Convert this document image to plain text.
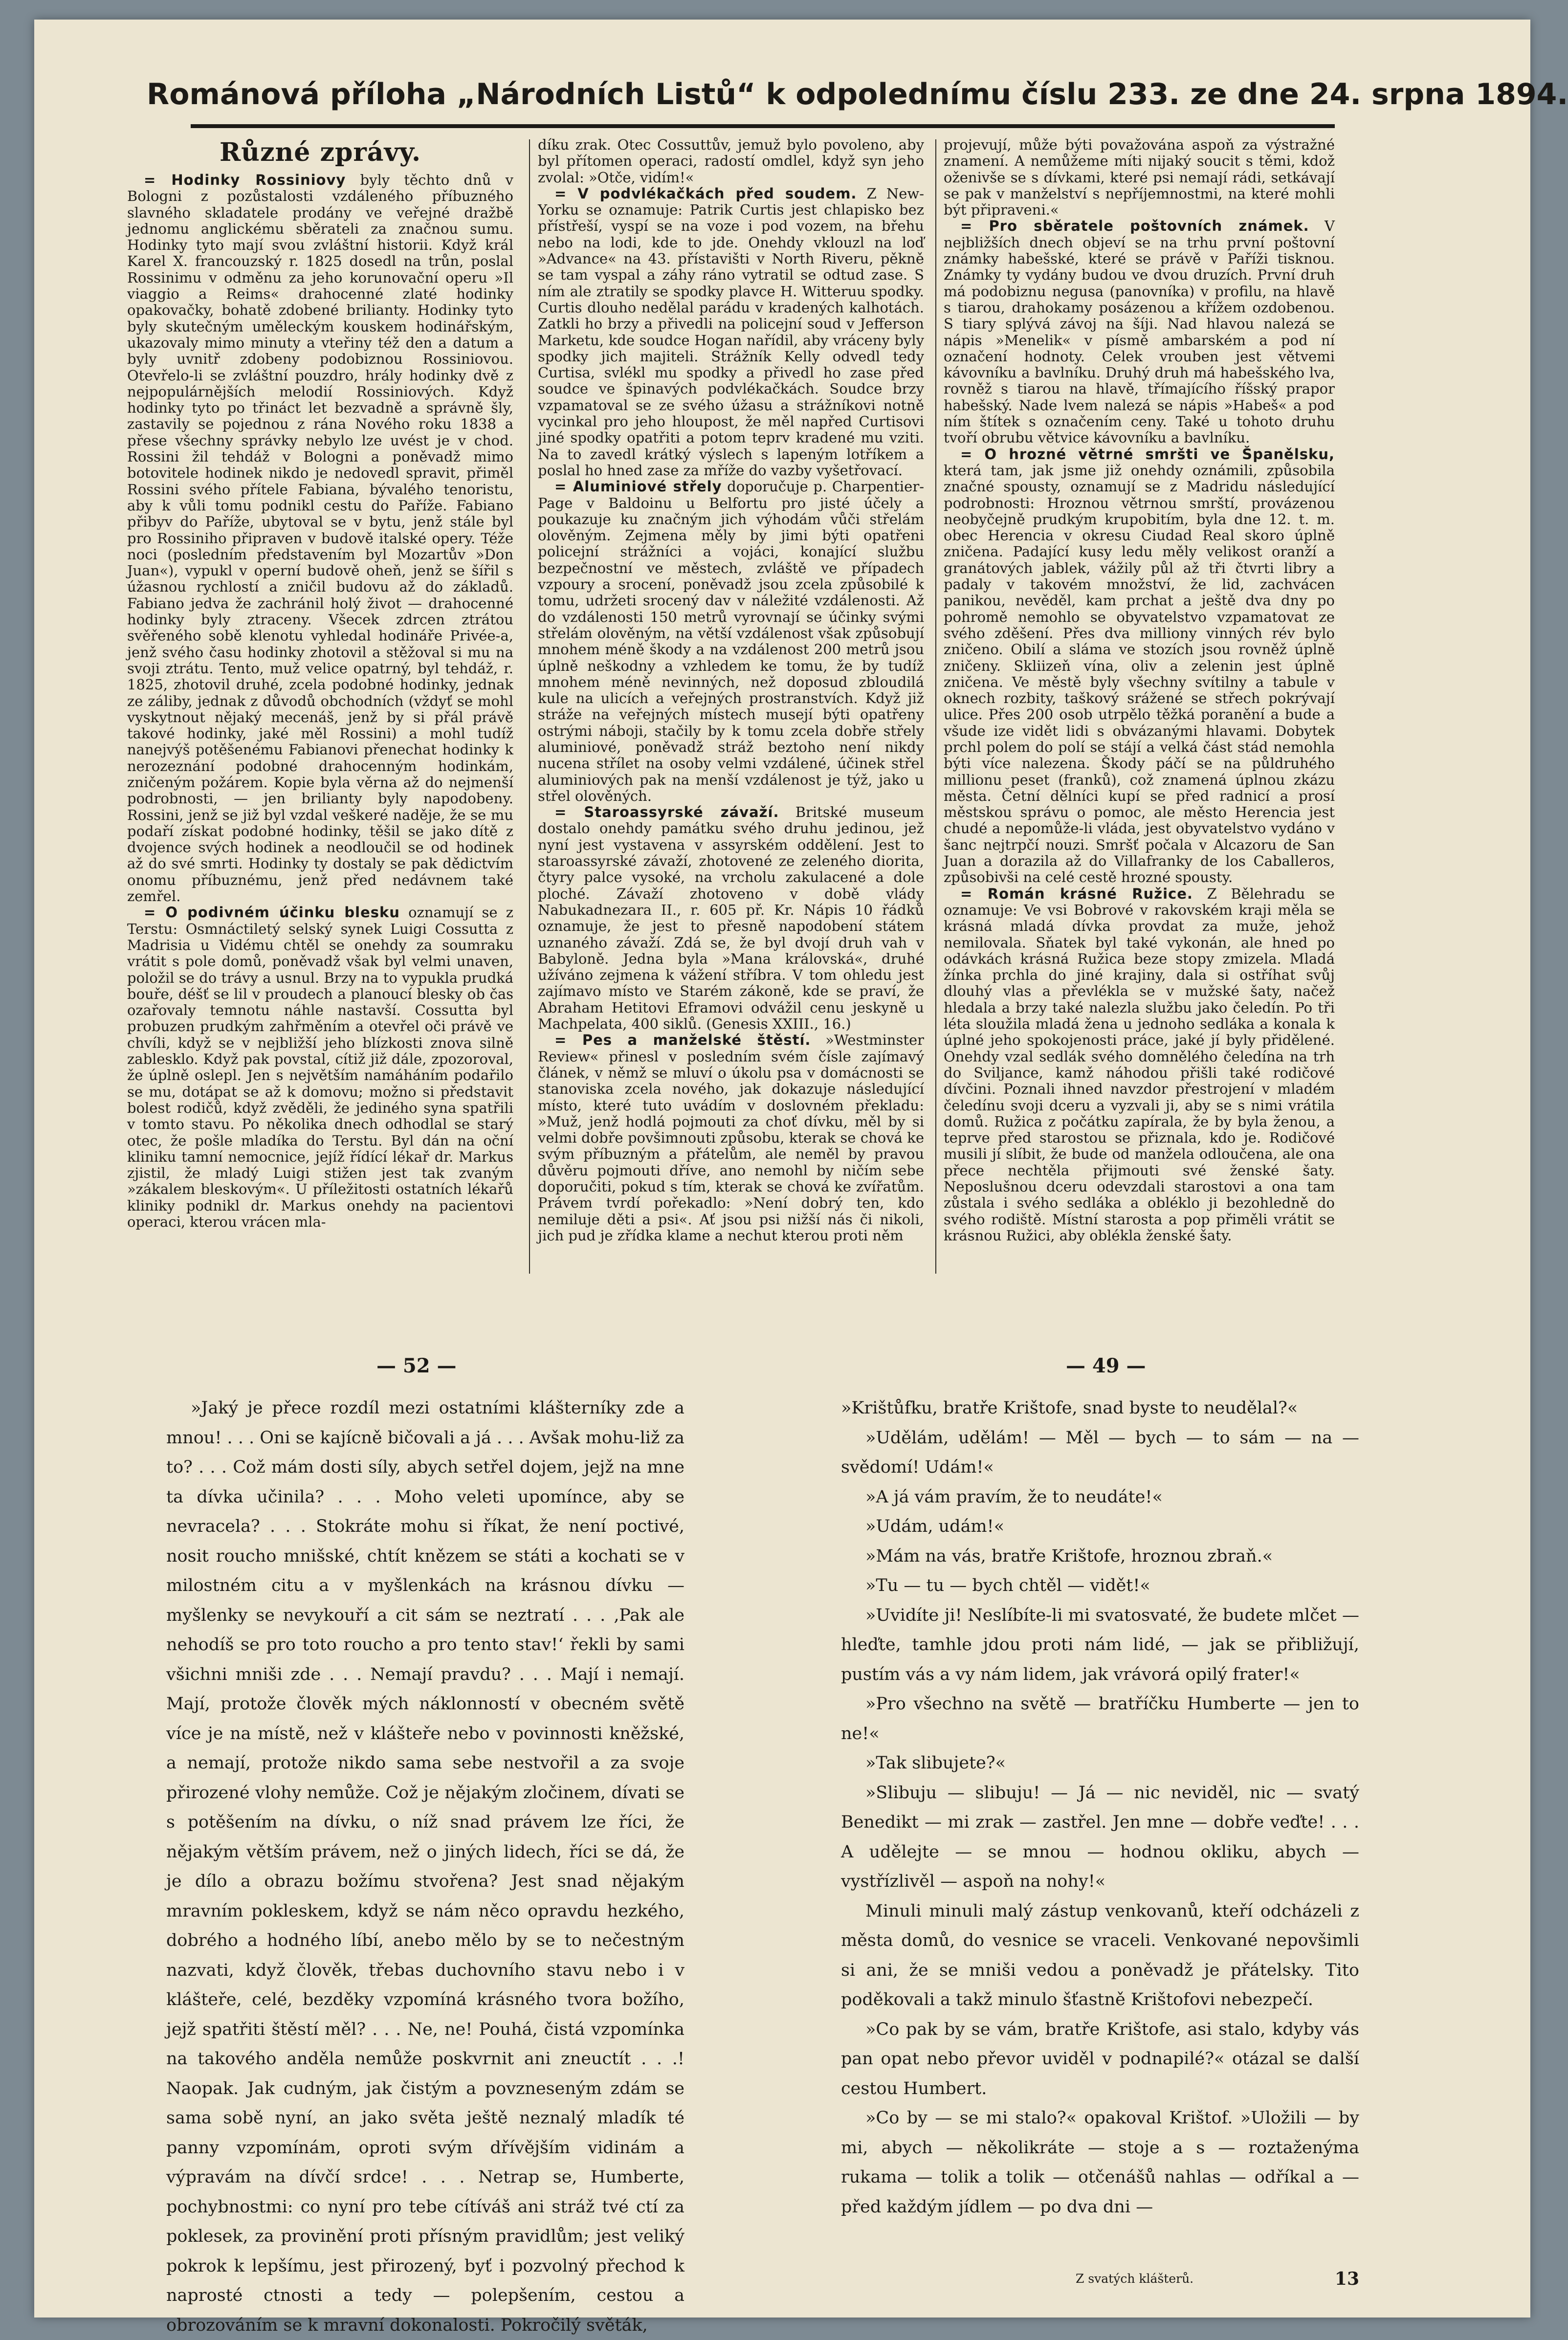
Románová příloha „Národních Listů“ k odpolednímu číslu 233. ze dne 24. srpna 1894.
Různé zprávy.

= Hodinky Rossiniovy byly těchto dnů v Bologni z pozůstalosti vzdáleného příbuzného slavného skladatele prodány ve veřejné dražbě jednomu anglickému sběrateli za značnou sumu. Hodinky tyto mají svou zvláštní historii. Když král Karel X. francouzský r. 1825 dosedl na trůn, poslal Rossinimu v odměnu za jeho korunovační operu »Il viaggio a Reims« drahocenné zlaté hodinky opakovačky, bohatě zdobené brilianty. Hodinky tyto byly skutečným uměleckým kouskem hodinářským, ukazovaly mimo minuty a vteřiny též den a datum a byly uvnitř zdobeny podobiznou Rossiniovou. Otevřelo-li se zvláštní pouzdro, hrály hodinky dvě z nejpopulárnějších melodií Rossiniových. Když hodinky tyto po třináct let bezvadně a správně šly, zastavily se pojednou z rána Nového roku 1838 a přese všechny správky nebylo lze uvést je v chod. Rossini žil tehdáž v Bologni a poněvadž mimo botovitele hodinek nikdo je nedovedl spravit, přiměl Rossini svého přítele Fabiana, bývalého tenoristu, aby k vůli tomu podnikl cestu do Paříže. Fabiano přibyv do Paříže, ubytoval se v bytu, jenž stále byl pro Rossiniho připraven v budově italské opery. Téže noci (posledním představením byl Mozartův »Don Juan«), vypukl v operní budově oheň, jenž se šířil s úžasnou rychlostí a zničil budovu až do základů. Fabiano jedva že zachránil holý život — drahocenné hodinky byly ztraceny. Všecek zdrcen ztrátou svěřeného sobě klenotu vyhledal hodináře Privée-a, jenž svého času hodinky zhotovil a stěžoval si mu na svoji ztrátu. Tento, muž velice opatrný, byl tehdáž, r. 1825, zhotovil druhé, zcela podobné hodinky, jednak ze záliby, jednak z důvodů obchodních (vždyť se mohl vyskytnout nějaký mecenáš, jenž by si přál právě takové hodinky, jaké měl Rossini) a mohl tudíž nanejvýš potěšenému Fabianovi přenechat hodinky k nerozeznání podobné drahocenným hodinkám, zničeným požárem. Kopie byla věrna až do nejmenší podrobnosti, — jen brilianty byly napodobeny. Rossini, jenž se již byl vzdal veškeré naděje, že se mu podaří získat podobné hodinky, těšil se jako dítě z dvojence svých hodinek a neodloučil se od hodinek až do své smrti. Hodinky ty dostaly se pak dědictvím onomu příbuznému, jenž před nedávnem také zemřel.

= O podivném účinku blesku oznamují se z Terstu: Osmnáctiletý selský synek Luigi Cossutta z Madrisia u Vidému chtěl se onehdy za soumraku vrátit s pole domů, poněvadž však byl velmi unaven, položil se do trávy a usnul. Brzy na to vypukla prudká bouře, déšť se lil v proudech a planoucí blesky ob čas ozařovaly temnotu náhle nastavší. Cossutta byl probuzen prudkým zahřměním a otevřel oči právě ve chvíli, když se v nejbližší jeho blízkosti znova silně zablesklo. Když pak povstal, cítiž již dále, zpozoroval, že úplně oslepl. Jen s největším namáháním podařilo se mu, dotápat se až k domovu; možno si představit bolest rodičů, když zvěděli, že jediného syna spatřili v tomto stavu. Po několika dnech odhodlal se starý otec, že pošle mladíka do Terstu. Byl dán na oční kliniku tamní nemocnice, jejíž řídící lékař dr. Markus zjistil, že mladý Luigi stižen jest tak zvaným »zákalem bleskovým«. U příležitosti ostatních lékařů kliniky podnikl dr. Markus onehdy na pacientovi operaci, kterou vrácen mla-

díku zrak. Otec Cossuttův, jemuž bylo povoleno, aby byl přítomen operaci, radostí omdlel, když syn jeho zvolal: »Otče, vidím!«

= V podvlékačkách před soudem. Z New-Yorku se oznamuje: Patrik Curtis jest chlapisko bez přístřeší, vyspí se na voze i pod vozem, na břehu nebo na lodi, kde to jde. Onehdy vklouzl na loď »Advance« na 43. přístavišti v North Riveru, pěkně se tam vyspal a záhy ráno vytratil se odtud zase. S ním ale ztratily se spodky plavce H. Witteruu spodky. Curtis dlouho nedělal parádu v kradených kalhotách. Zatkli ho brzy a přivedli na policejní soud v Jefferson Marketu, kde soudce Hogan nařídil, aby vráceny byly spodky jich majiteli. Strážník Kelly odvedl tedy Curtisa, svlékl mu spodky a přivedl ho zase před soudce ve špinavých podvlékačkách. Soudce brzy vzpamatoval se ze svého úžasu a strážníkovi notně vycinkal pro jeho hloupost, že měl napřed Curtisovi jiné spodky opatřiti a potom teprv kradené mu vziti. Na to zavedl krátký výslech s lapeným lotříkem a poslal ho hned zase za mříže do vazby vyšetřovací.

= Aluminiové střely doporučuje p. Charpentier-Page v Baldoinu u Belfortu pro jisté účely a poukazuje ku značným jich výhodám vůči střelám olověným. Zejmena měly by jimi býti opatřeni policejní strážníci a vojáci, konající službu bezpečnostní ve městech, zvláště ve případech vzpoury a srocení, poněvadž jsou zcela způsobilé k tomu, udržeti srocený dav v náležité vzdálenosti. Až do vzdálenosti 150 metrů vyrovnají se účinky svými střelám olověným, na větší vzdálenost však způsobují mnohem méně škody a na vzdálenost 200 metrů jsou úplně neškodny a vzhledem ke tomu, že by tudíž mnohem méně nevinných, než doposud zbloudilá kule na ulicích a veřejných prostranstvích. Když již stráže na veřejných místech musejí býti opatřeny ostrými náboji, stačily by k tomu zcela dobře střely aluminiové, poněvadž stráž beztoho není nikdy nucena střílet na osoby velmi vzdálené, účinek střel aluminiových pak na menší vzdálenost je týž, jako u střel olověných.

= Staroassyrské závaží. Britské museum dostalo onehdy památku svého druhu jedinou, jež nyní jest vystavena v assyrském oddělení. Jest to staroassyrské závaží, zhotovené ze zeleného diorita, čtyry palce vysoké, na vrcholu zakulacené a dole ploché. Závaží zhotoveno v době vlády Nabukadnezara II., r. 605 př. Kr. Nápis 10 řádků oznamuje, že jest to přesně napodobení státem uznaného závaží. Zdá se, že byl dvojí druh vah v Babyloně. Jedna byla »Mana královská«, druhé užíváno zejmena k vážení stříbra. V tom ohledu jest zajímavo místo ve Starém zákoně, kde se praví, že Abraham Hetitovi Eframovi odvážil cenu jeskyně u Machpelata, 400 siklů. (Genesis XXIII., 16.)

= Pes a manželské štěstí. »Westminster Review« přinesl v posledním svém čísle zajímavý článek, v němž se mluví o úkolu psa v domácnosti se stanoviska zcela nového, jak dokazuje následující místo, které tuto uvádím v doslovném překladu: »Muž, jenž hodlá pojmouti za choť dívku, měl by si velmi dobře povšimnouti způsobu, kterak se chová ke svým příbuzným a přátelům, ale neměl by pravou důvěru pojmouti dříve, ano nemohl by ničím sebe doporučiti, pokud s tím, kterak se chová ke zvířatům. Právem tvrdí pořekadlo: »Není dobrý ten, kdo nemiluje děti a psi«. Ať jsou psi nižší nás či nikoli, jich pud je zřídka klame a nechut kterou proti něm

projevují, může býti považována aspoň za výstražné znamení. A nemůžeme míti nijaký soucit s těmi, kdož oženivše se s dívkami, které psi nemají rádi, setkávají se pak v manželství s nepříjemnostmi, na které mohli být připraveni.«

= Pro sběratele poštovních známek. V nejbližších dnech objeví se na trhu první poštovní známky habešské, které se právě v Paříži tisknou. Známky ty vydány budou ve dvou druzích. První druh má podobiznu negusa (panovníka) v profilu, na hlavě s tiarou, drahokamy posázenou a křížem ozdobenou. S tiary splývá závoj na šíji. Nad hlavou nalezá se nápis »Menelik« v písmě ambarském a pod ní označení hodnoty. Celek vrouben jest větvemi kávovníku a bavlníku. Druhý druh má habešského lva, rovněž s tiarou na hlavě, třímajícího říšský prapor habešský. Nade lvem nalezá se nápis »Habeš« a pod ním štítek s označením ceny. Také u tohoto druhu tvoří obrubu větvice kávovníku a bavlníku.

= O hrozné větrné smršti ve Španělsku, která tam, jak jsme již onehdy oznámili, způsobila značné spousty, oznamují se z Madridu následující podrobnosti: Hroznou větrnou smrští, provázenou neobyčejně prudkým krupobitím, byla dne 12. t. m. obec Herencia v okresu Ciudad Real skoro úplně zničena. Padající kusy ledu měly velikost oranží a granátových jablek, vážily půl až tři čtvrti libry a padaly v takovém množství, že lid, zachvácen panikou, nevěděl, kam prchat a ještě dva dny po pohromě nemohlo se obyvatelstvo vzpamatovat ze svého zděšení. Přes dva milliony vinných rév bylo zničeno. Obilí a sláma ve stozích jsou rovněž úplně zničeny. Skliizeň vína, oliv a zelenin jest úplně zničena. Ve městě byly všechny svítilny a tabule v oknech rozbity, taškový srážené se střech pokrývají ulice. Přes 200 osob utrpělo těžká poranění a bude a všude ize vidět lidi s obvázanými hlavami. Dobytek prchl polem do polí se stájí a velká část stád nemohla býti více nalezena. Škody páčí se na půldruhého millionu peset (franků), což znamená úplnou zkázu města. Četní dělníci kupí se před radnicí a prosí městskou správu o pomoc, ale město Herencia jest chudé a nepomůže-li vláda, jest obyvatelstvo vydáno v šanc nejtrpčí nouzi. Smršť počala v Alcazoru de San Juan a dorazila až do Villafranky de los Caballeros, způsobivši na celé cestě hrozné spousty.

= Román krásné Ružice. Z Bělehradu se oznamuje: Ve vsi Bobrové v rakovském kraji měla se krásná mladá dívka provdat za muže, jehož nemilovala. Sňatek byl také vykonán, ale hned po odávkách krásná Ružica beze stopy zmizela. Mladá žínka prchla do jiné krajiny, dala si ostříhat svůj dlouhý vlas a převlékla se v mužské šaty, načež hledala a brzy také nalezla službu jako čeledín. Po tři léta sloužila mladá žena u jednoho sedláka a konala k úplné jeho spokojenosti práce, jaké jí byly přidělené. Onehdy vzal sedlák svého domnělého čeledína na trh do Sviljance, kamž náhodou přišli také rodičové dívčini. Poznali ihned navzdor přestrojení v mladém čeledínu svoji dceru a vyzvali ji, aby se s nimi vrátila domů. Ružica z počátku zapírala, že by byla ženou, a teprve před starostou se přiznala, kdo je. Rodičové musili jí slíbit, že bude od manžela odloučena, ale ona přece nechtěla přijmouti své ženské šaty. Neposlušnou dceru odevzdali starostovi a ona tam zůstala i svého sedláka a obléklo ji bezohledně do svého rodiště. Místní starosta a pop přiměli vrátit se krásnou Ružici, aby oblékla ženské šaty.

— 52 —	— 49 —

»Jaký je přece rozdíl mezi ostatními klášterníky zde a mnou! . . . Oni se kajícně bičovali a já . . . Avšak mohu-liž za to? . . . Což mám dosti síly, abych setřel dojem, jejž na mne ta dívka učinila? . . . Moho veleti upomínce, aby se nevracela? . . . Stokráte mohu si říkat, že není poctivé, nosit roucho mnišské, chtít knězem se státi a kochati se v milostném citu a v myšlenkách na krásnou dívku — myšlenky se nevykouří a cit sám se neztratí . . . ‚Pak ale nehodíš se pro toto roucho a pro tento stav!‘ řekli by sami všichni mniši zde . . . Nemají pravdu? . . . Mají i nemají. Mají, protože člověk mých náklonností v obecném světě více je na místě, než v klášteře nebo v povinnosti kněžské, a nemají, protože nikdo sama sebe nestvořil a za svoje přirozené vlohy nemůže. Což je nějakým zločinem, dívati se s potěšením na dívku, o níž snad právem lze říci, že nějakým větším právem, než o jiných lidech, říci se dá, že je dílo a obrazu božímu stvořena? Jest snad nějakým mravním pokleskem, když se nám něco opravdu hezkého, dobrého a hodného líbí, anebo mělo by se to nečestným nazvati, když člověk, třebas duchovního stavu nebo i v klášteře, celé, bezděky vzpomíná krásného tvora božího, jejž spatřiti štěstí měl? . . . Ne, ne! Pouhá, čistá vzpomínka na takového anděla nemůže poskvrnit ani zneuctít . . .! Naopak. Jak cudným, jak čistým a povzneseným zdám se sama sobě nyní, an jako světa ještě neznalý mladík té panny vzpomínám, oproti svým dřívějším vidinám a výpravám na dívčí srdce! . . . Netrap se, Humberte, pochybnostmi: co nyní pro tebe cítíváš ani stráž tvé ctí za poklesek, za provinění proti přísným pravidlům; jest veliký pokrok k lepšímu, jest přirozený, byť i pozvolný přechod k naprosté ctnosti a tedy — polepšením, cestou a obrozováním se k mravní dokonalosti. Pokročilý světák,

»Krištůfku, bratře Krištofe, snad byste to neudělal?«

»Udělám, udělám! — Měl — bych — to sám — na — svědomí! Udám!«

»A já vám pravím, že to neudáte!«

»Udám, udám!«

»Mám na vás, bratře Krištofe, hroznou zbraň.«

»Tu — tu — bych chtěl — vidět!«

»Uvidíte ji! Neslíbíte-li mi svatosvaté, že budete mlčet — hleďte, tamhle jdou proti nám lidé, — jak se přibližují, pustím vás a vy nám lidem, jak vrávorá opilý frater!«

»Pro všechno na světě — bratříčku Humberte — jen to ne!«

»Tak slibujete?«

»Slibuju — slibuju! — Já — nic neviděl, nic — svatý Benedikt — mi zrak — zastřel. Jen mne — dobře veďte! . . . A udělejte — se mnou — hodnou okliku, abych — vystřízlivěl — aspoň na nohy!«

Minuli minuli malý zástup venkovanů, kteří odcházeli z města domů, do vesnice se vraceli. Venkované nepovšimli si ani, že se mniši vedou a poněvadž je přátelsky. Tito poděkovali a takž minulo šťastně Krištofovi nebezpečí.

»Co pak by se vám, bratře Krištofe, asi stalo, kdyby vás pan opat nebo převor uviděl v podnapilé?« otázal se další cestou Humbert.

»Co by — se mi stalo?« opakoval Krištof. »Uložili — by mi, abych — několikráte — stoje a s — roztaženýma rukama — tolik a tolik — otčenášů nahlas — odříkal a — před každým jídlem — po dva dni —

Z svatých klášterů.	13
